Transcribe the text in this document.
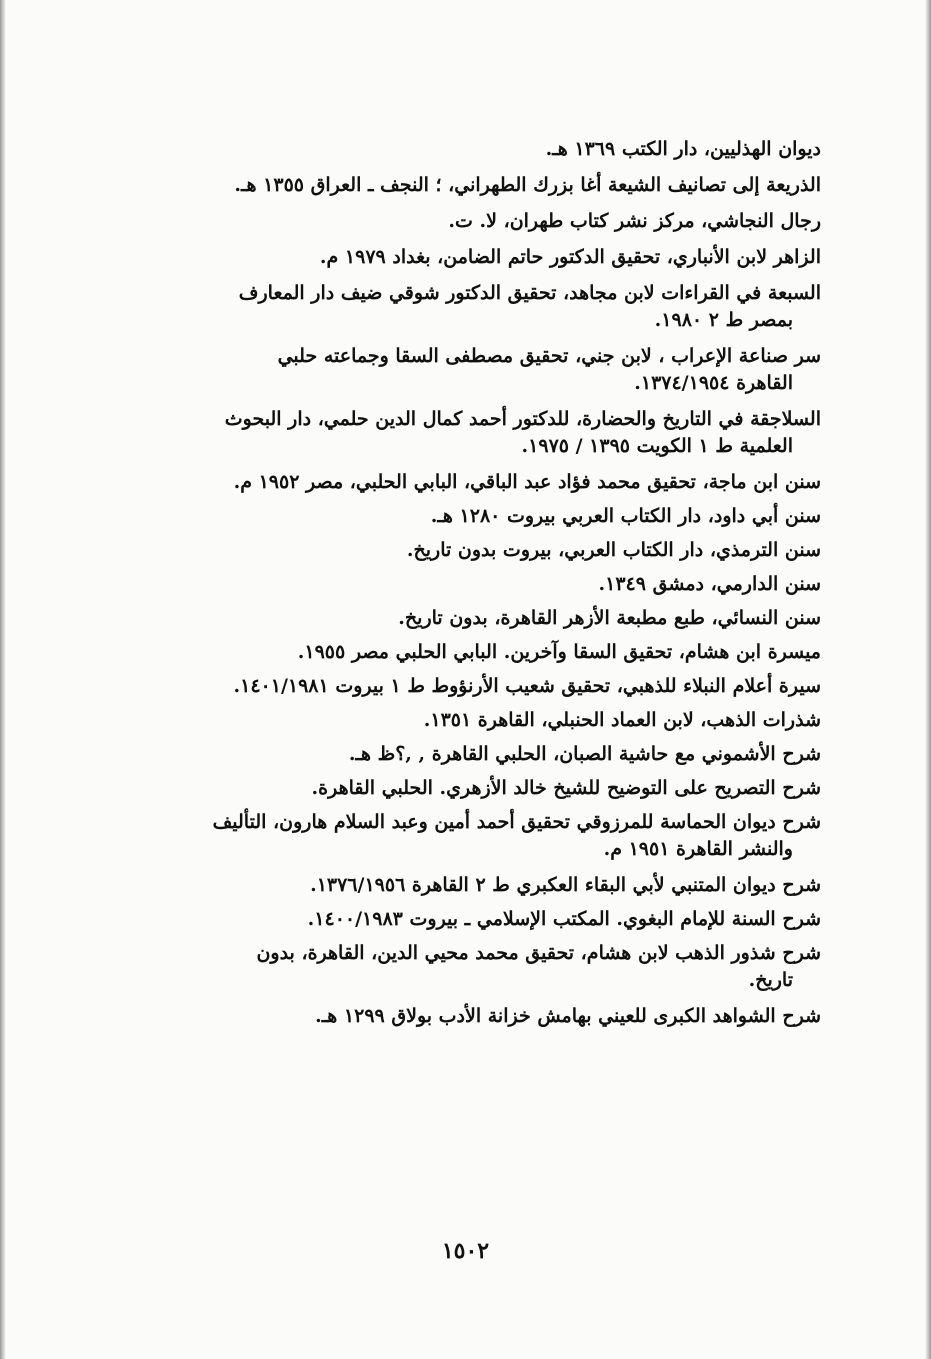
ديوان الهذليين، دار الكتب ١٣٦٩ هـ.

الذريعة إلى تصانيف الشيعة أغا بزرك الطهراني، ؛ النجف ـ العراق ١٣٥٥ هـ.

رجال النجاشي، مركز نشر كتاب طهران، لا. ت.

الزاهر لابن الأنباري، تحقيق الدكتور حاتم الضامن، بغداد ١٩٧٩ م.

السبعة في القراءات لابن مجاهد، تحقيق الدكتور شوقي ضيف دار المعارف
بمصر ط ٢ ١٩٨٠.

سر صناعة الإعراب ، لابن جني، تحقيق مصطفى السقا وجماعته حلبي
القاهرة ١٣٧٤/١٩٥٤.

السلاجقة في التاريخ والحضارة، للدكتور أحمد كمال الدين حلمي، دار البحوث
العلمية ط ١ الكويت ١٣٩٥ / ١٩٧٥.

سنن ابن ماجة، تحقيق محمد فؤاد عبد الباقي، البابي الحلبي، مصر ١٩٥٢ م.

سنن أبي داود، دار الكتاب العربي بيروت ١٢٨٠ هـ.

سنن الترمذي، دار الكتاب العربي، بيروت بدون تاريخ.

سنن الدارمي، دمشق ١٣٤٩.

سنن النسائي، طبع مطبعة الأزهر القاهرة، بدون تاريخ.

ميسرة ابن هشام، تحقيق السقا وآخرين. البابي الحلبي مصر ١٩٥٥.

سيرة أعلام النبلاء للذهبي، تحقيق شعيب الأرنؤوط ط ١ بيروت ١٤٠١/١٩٨١.

شذرات الذهب، لابن العماد الحنبلي، القاهرة ١٣٥١.

شرح الأشموني مع حاشية الصبان، الحلبي القاهرة , ,؟ظ هـ.

شرح التصريح على التوضيح للشيخ خالد الأزهري. الحلبي القاهرة.

شرح ديوان الحماسة للمرزوقي تحقيق أحمد أمين وعبد السلام هارون، التأليف
والنشر القاهرة ١٩٥١ م.

شرح ديوان المتنبي لأبي البقاء العكبري ط ٢ القاهرة ١٣٧٦/١٩٥٦.

شرح السنة للإمام البغوي. المكتب الإسلامي ـ بيروت ١٤٠٠/١٩٨٣.

شرح شذور الذهب لابن هشام، تحقيق محمد محيي الدين، القاهرة، بدون
تاريخ.

شرح الشواهد الكبرى للعيني بهامش خزانة الأدب بولاق ١٢٩٩ هـ.

١٥٠٢
